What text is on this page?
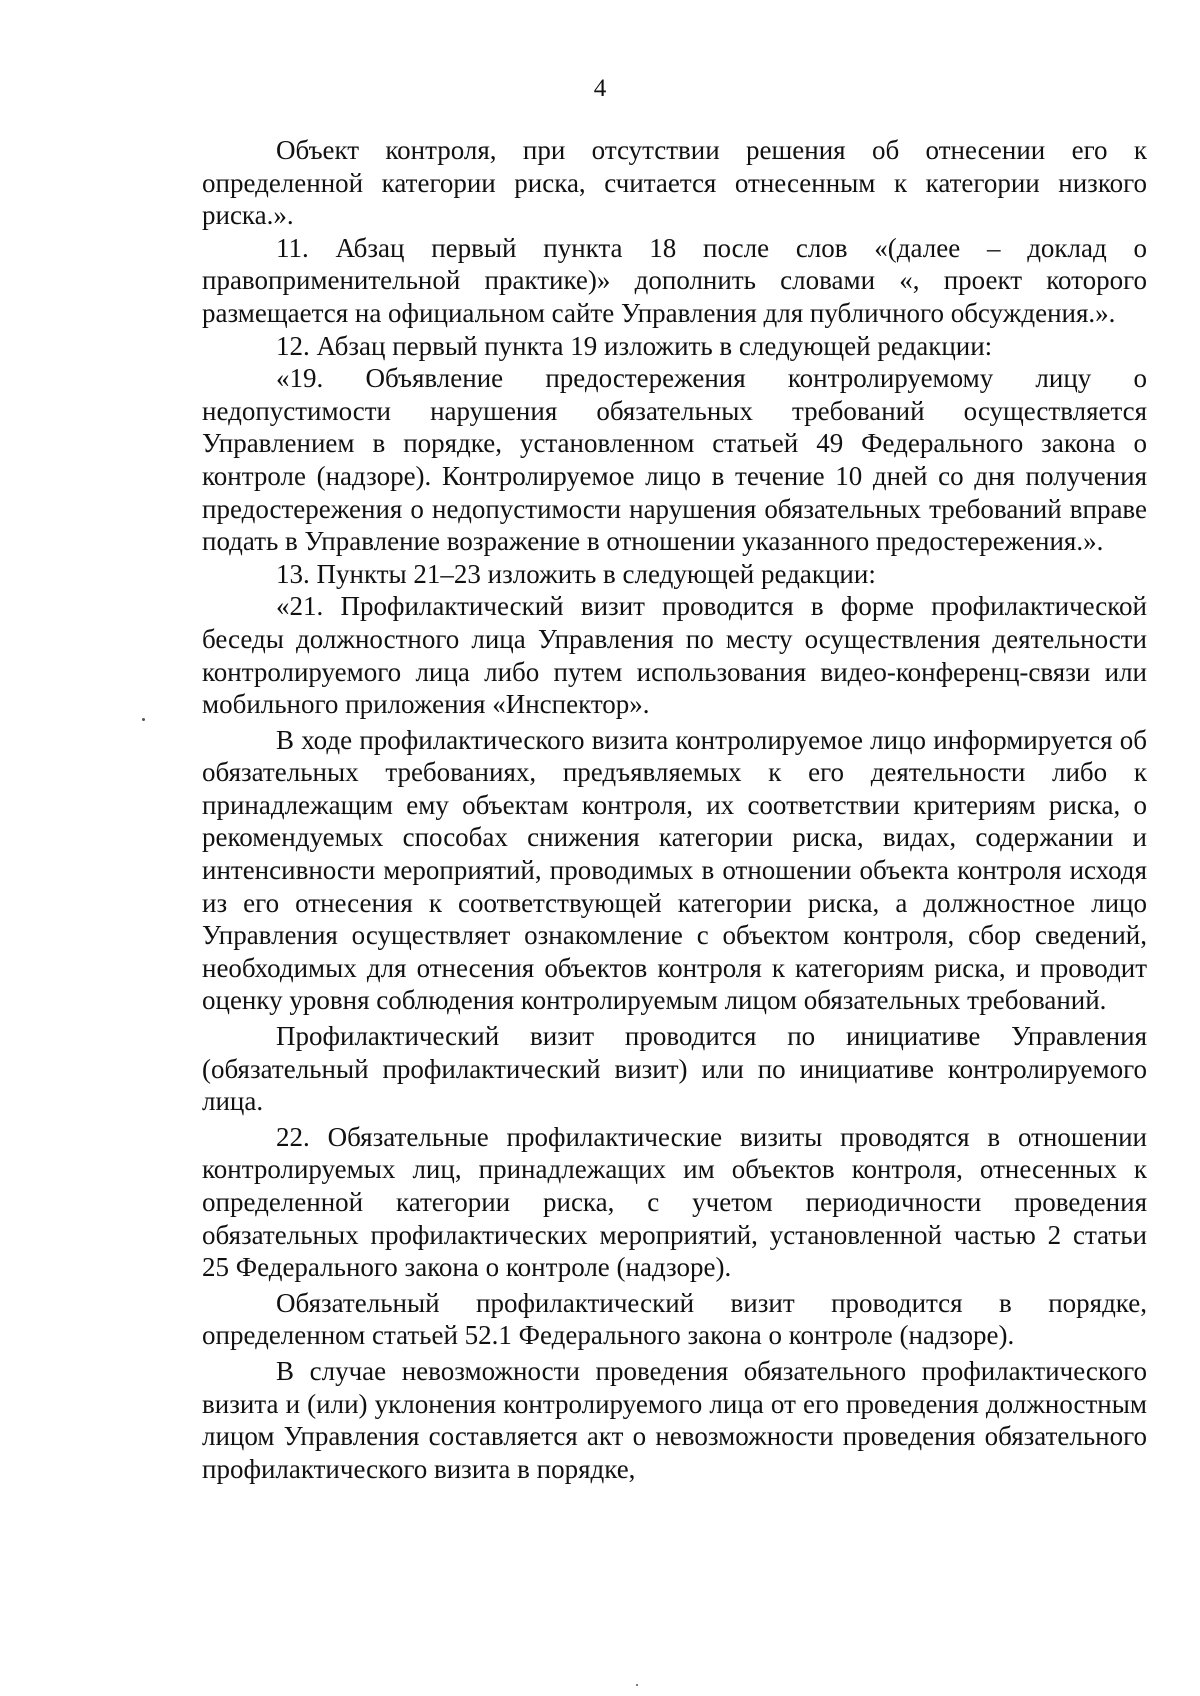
4

Объект контроля, при отсутствии решения об отнесении его к определенной категории риска, считается отнесенным к категории низкого риска.».

11. Абзац первый пункта 18 после слов «(далее – доклад о правоприменительной практике)» дополнить словами «, проект которого размещается на официальном сайте Управления для публичного обсуждения.».

12. Абзац первый пункта 19 изложить в следующей редакции:

«19. Объявление предостережения контролируемому лицу о недопустимости нарушения обязательных требований осуществляется Управлением в порядке, установленном статьей 49 Федерального закона о контроле (надзоре). Контролируемое лицо в течение 10 дней со дня получения предостережения о недопустимости нарушения обязательных требований вправе подать в Управление возражение в отношении указанного предостережения.».

13. Пункты 21–23 изложить в следующей редакции:

«21. Профилактический визит проводится в форме профилактической беседы должностного лица Управления по месту осуществления деятельности контролируемого лица либо путем использования видео-конференц-связи или мобильного приложения «Инспектор».

В ходе профилактического визита контролируемое лицо информируется об обязательных требованиях, предъявляемых к его деятельности либо к принадлежащим ему объектам контроля, их соответствии критериям риска, о рекомендуемых способах снижения категории риска, видах, содержании и интенсивности мероприятий, проводимых в отношении объекта контроля исходя из его отнесения к соответствующей категории риска, а должностное лицо Управления осуществляет ознакомление с объектом контроля, сбор сведений, необходимых для отнесения объектов контроля к категориям риска, и проводит оценку уровня соблюдения контролируемым лицом обязательных требований.

Профилактический визит проводится по инициативе Управления (обязательный профилактический визит) или по инициативе контролируемого лица.

22. Обязательные профилактические визиты проводятся в отношении контролируемых лиц, принадлежащих им объектов контроля, отнесенных к определенной категории риска, с учетом периодичности проведения обязательных профилактических мероприятий, установленной частью 2 статьи 25 Федерального закона о контроле (надзоре).

Обязательный профилактический визит проводится в порядке, определенном статьей 52.1 Федерального закона о контроле (надзоре).

В случае невозможности проведения обязательного профилактического визита и (или) уклонения контролируемого лица от его проведения должностным лицом Управления составляется акт о невозможности проведения обязательного профилактического визита в порядке,
